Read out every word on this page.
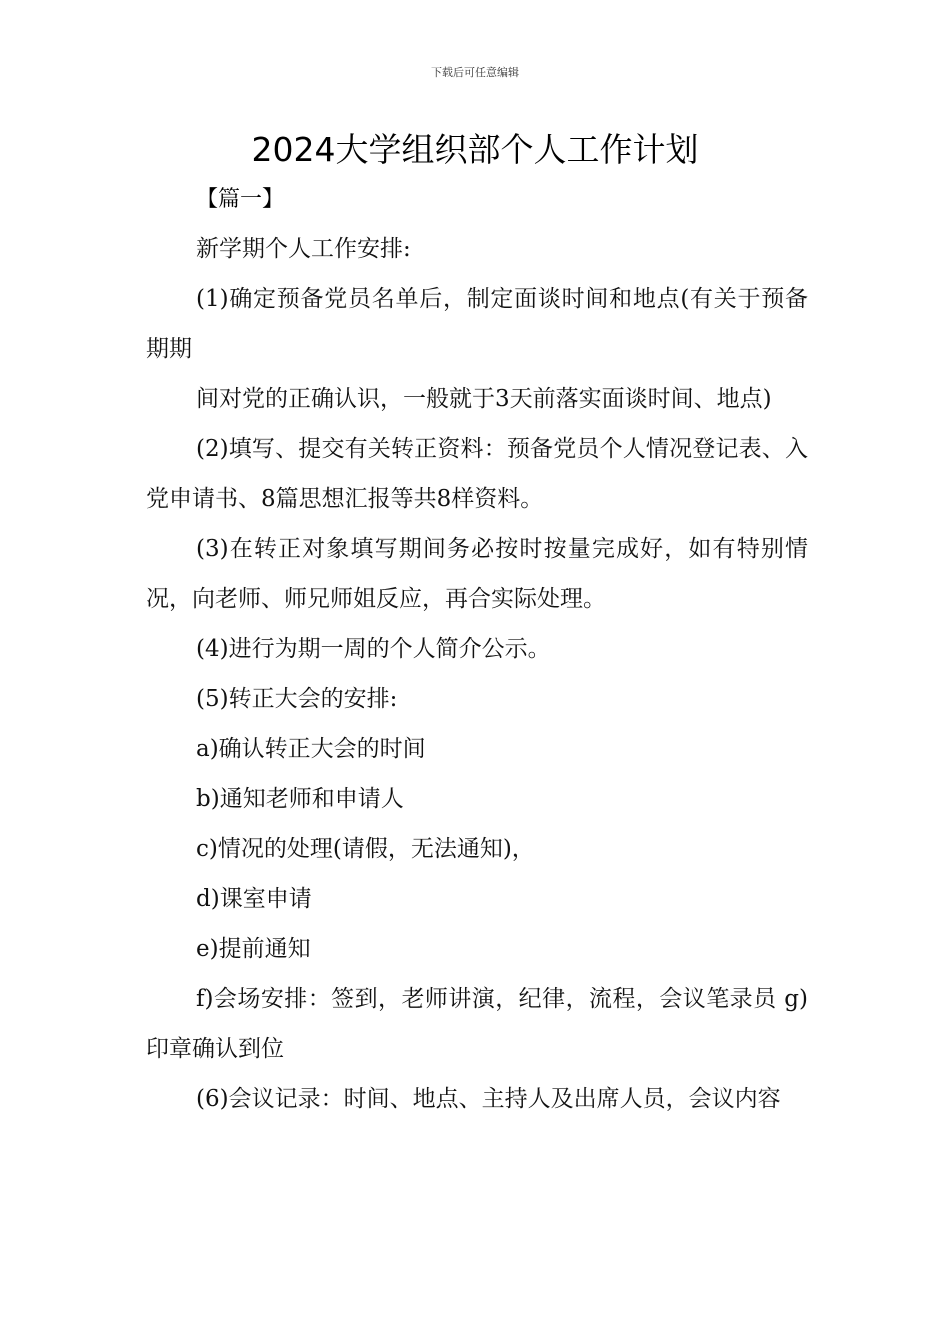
下载后可任意编辑
2024大学组织部个人工作计划
【篇一】

新学期个人工作安排:

(1)确定预备党员名单后，制定面谈时间和地点(有关于预备期期

间对党的正确认识，一般就于3天前落实面谈时间、地点)

(2)填写、提交有关转正资料：预备党员个人情况登记表、入党申请书、8篇思想汇报等共8样资料。

(3)在转正对象填写期间务必按时按量完成好，如有特别情况，向老师、师兄师姐反应，再合实际处理。

(4)进行为期一周的个人简介公示。

(5)转正大会的安排:

a)确认转正大会的时间

b)通知老师和申请人

c)情况的处理(请假，无法通知)，

d)课室申请

e)提前通知

f)会场安排：签到，老师讲演，纪律，流程，会议笔录员 g)印章确认到位

(6)会议记录：时间、地点、主持人及出席人员，会议内容
